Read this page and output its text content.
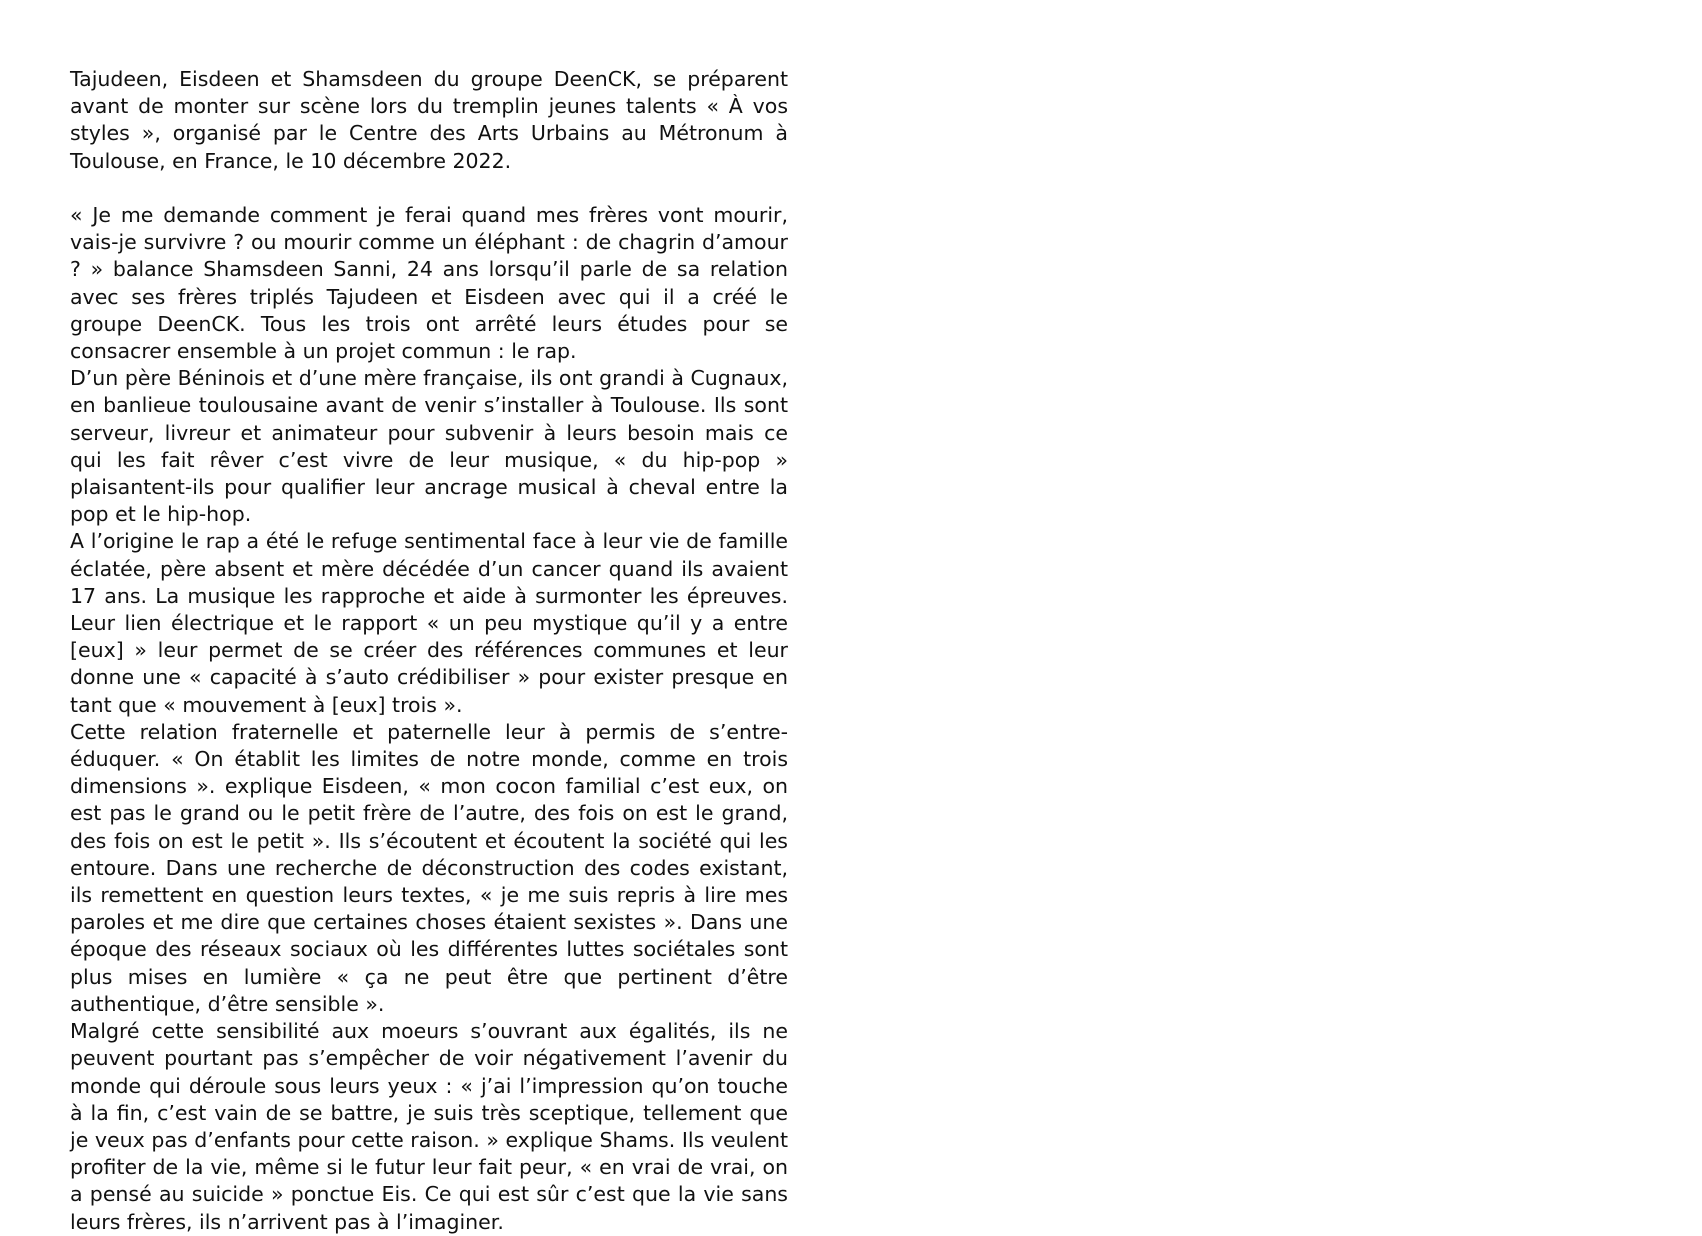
Tajudeen, Eisdeen et Shamsdeen du groupe DeenCK, se préparent avant de monter sur scène lors du tremplin jeunes talents « À vos styles », organisé par le Centre des Arts Urbains au Métronum à Toulouse, en France, le 10 décembre 2022.

« Je me demande comment je ferai quand mes frères vont mourir, vais-je survivre ? ou mourir comme un éléphant : de chagrin d’amour ? » balance Shamsdeen Sanni, 24 ans lorsqu’il parle de sa relation avec ses frères triplés Tajudeen et Eisdeen avec qui il a créé le groupe DeenCK. Tous les trois ont arrêté leurs études pour se consacrer ensemble à un projet commun : le rap.

D’un père Béninois et d’une mère française, ils ont grandi à Cugnaux, en banlieue toulousaine avant de venir s’installer à Toulouse. Ils sont serveur, livreur et animateur pour subvenir à leurs besoin mais ce qui les fait rêver c’est vivre de leur musique, « du hip-pop » plaisantent-ils pour qualifier leur ancrage musical à cheval entre la pop et le hip-hop.

A l’origine le rap a été le refuge sentimental face à leur vie de famille éclatée, père absent et mère décédée d’un cancer quand ils avaient 17 ans. La musique les rapproche et aide à surmonter les épreuves. Leur lien électrique et le rapport « un peu mystique qu’il y a entre [eux] » leur permet de se créer des références communes et leur donne une « capacité à s’auto crédibiliser » pour exister presque en tant que « mouvement à [eux] trois ».

Cette relation fraternelle et paternelle leur à permis de s’entre-éduquer. « On établit les limites de notre monde, comme en trois dimensions ». explique Eisdeen, « mon cocon familial c’est eux, on est pas le grand ou le petit frère de l’autre, des fois on est le grand, des fois on est le petit ». Ils s’écoutent et écoutent la société qui les entoure. Dans une recherche de déconstruction des codes existant, ils remettent en question leurs textes, « je me suis repris à lire mes paroles et me dire que certaines choses étaient sexistes ». Dans une époque des réseaux sociaux où les différentes luttes sociétales sont plus mises en lumière « ça ne peut être que pertinent d’être authentique, d’être sensible ».

Malgré cette sensibilité aux moeurs s’ouvrant aux égalités, ils ne peuvent pourtant pas s’empêcher de voir négativement l’avenir du monde qui déroule sous leurs yeux : « j’ai l’impression qu’on touche à la fin, c’est vain de se battre, je suis très sceptique, tellement que je veux pas d’enfants pour cette raison. » explique Shams. Ils veulent profiter de la vie, même si le futur leur fait peur, « en vrai de vrai, on a pensé au suicide » ponctue Eis. Ce qui est sûr c’est que la vie sans leurs frères, ils n’arrivent pas à l’imaginer.
